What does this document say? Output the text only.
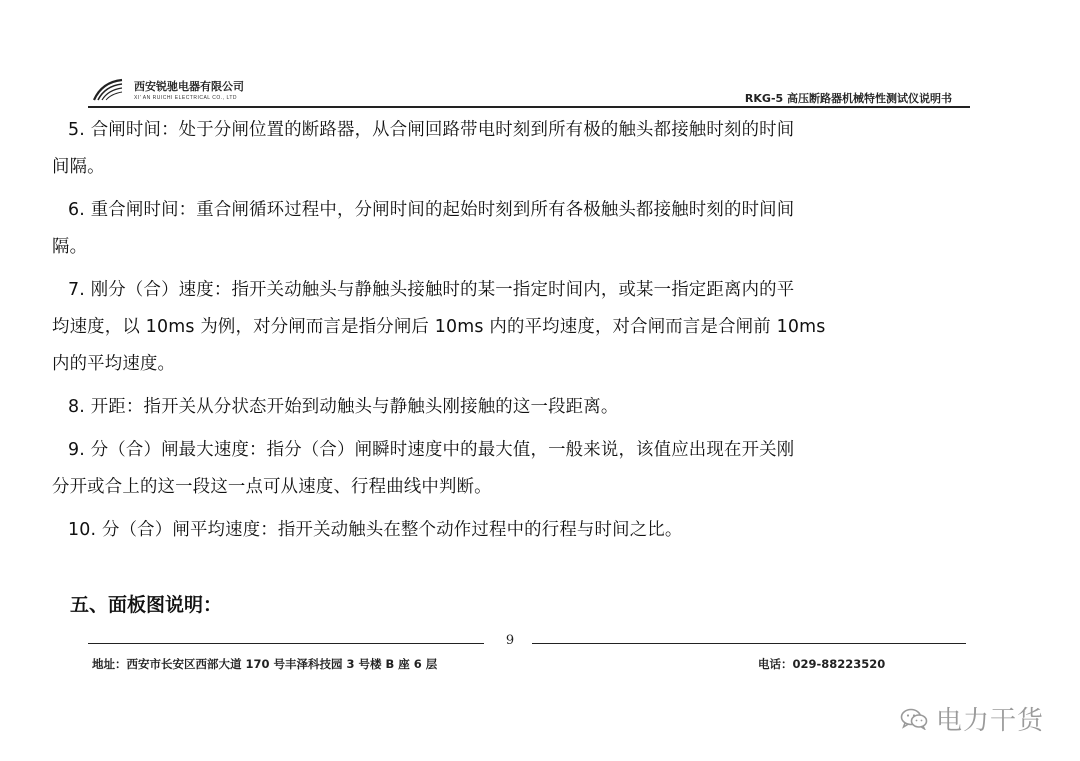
西安锐驰电器有限公司
XI' AN RUICHI ELECTRICAL CO., LTD	RKG-5 高压断路器机械特性测试仪说明书

5. 合闸时间：处于分闸位置的断路器，从合闸回路带电时刻到所有极的触头都接触时刻的时间
间隔。

6. 重合闸时间：重合闸循环过程中，分闸时间的起始时刻到所有各极触头都接触时刻的时间间
隔。

7. 刚分（合）速度：指开关动触头与静触头接触时的某一指定时间内，或某一指定距离内的平
均速度，以 10ms 为例，对分闸而言是指分闸后 10ms 内的平均速度，对合闸而言是合闸前 10ms
内的平均速度。

8. 开距：指开关从分状态开始到动触头与静触头刚接触的这一段距离。

9. 分（合）闸最大速度：指分（合）闸瞬时速度中的最大值，一般来说，该值应出现在开关刚
分开或合上的这一段这一点可从速度、行程曲线中判断。

10. 分（合）闸平均速度：指开关动触头在整个动作过程中的行程与时间之比。

五、面板图说明：
9
地址：西安市长安区西部大道 170 号丰泽科技园 3 号楼 B 座 6 层	电话：029-88223520
电力干货
